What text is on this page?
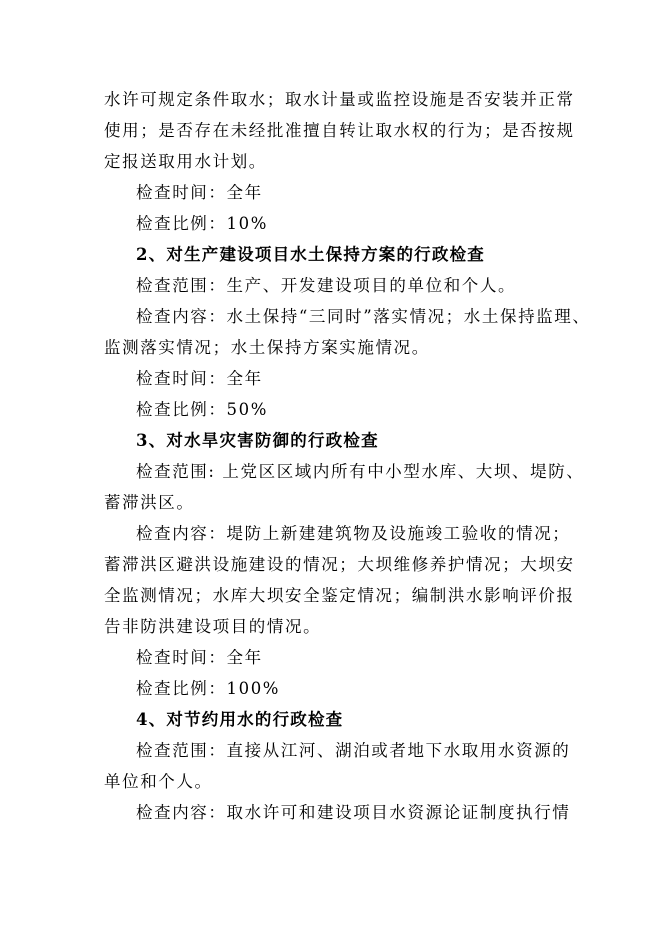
水许可规定条件取水；取水计量或监控设施是否安装并正常
使用；是否存在未经批准擅自转让取水权的行为；是否按规
定报送取用水计划。
检查时间：全年
检查比例：10%
2、对生产建设项目水土保持方案的行政检查
检查范围：生产、开发建设项目的单位和个人。
检查内容：水土保持“三同时”落实情况；水土保持监理、
监测落实情况；水土保持方案实施情况。
检查时间：全年
检查比例：50%
3、对水旱灾害防御的行政检查
检查范围: 上党区区域内所有中小型水库、大坝、堤防、
蓄滞洪区。
检查内容：堤防上新建建筑物及设施竣工验收的情况；
蓄滞洪区避洪设施建设的情况；大坝维修养护情况；大坝安
全监测情况；水库大坝安全鉴定情况；编制洪水影响评价报
告非防洪建设项目的情况。
检查时间：全年
检查比例：100%
4、对节约用水的行政检查
检查范围：直接从江河、湖泊或者地下水取用水资源的
单位和个人。
检查内容：取水许可和建设项目水资源论证制度执行情
